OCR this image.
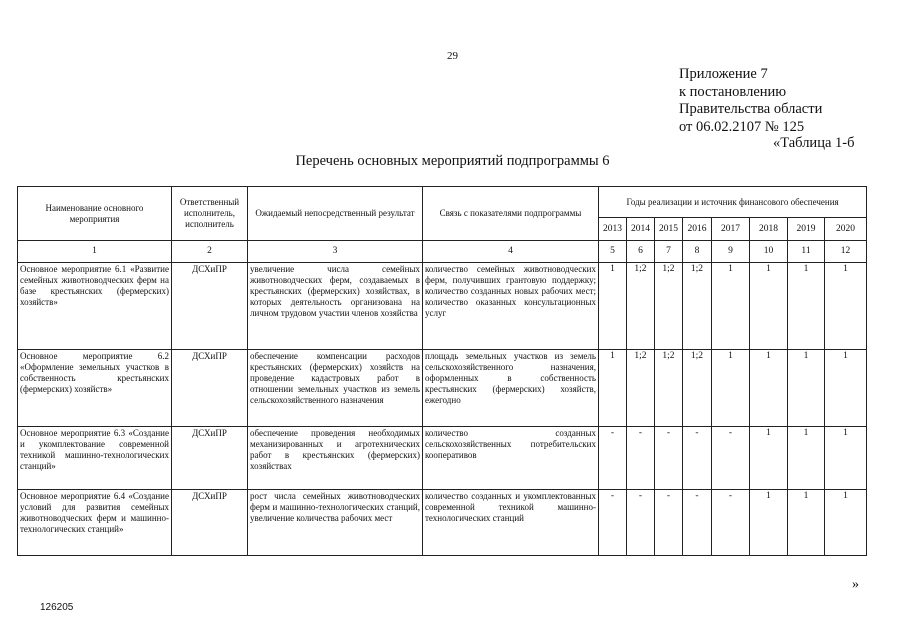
29
Приложение 7
к постановлению
Правительства области
от 06.02.2107 № 125
«Таблица 1-б
Перечень основных мероприятий подпрограммы 6
Наименование основного мероприятия	Ответственный исполнитель, исполнитель	Ожидаемый непосредственный результат	Связь с показателями подпрограммы	Годы реализации и источник финансового обеспечения							
				2013	2014	2015	2016	2017	2018	2019	2020
1	2	3	4	5	6	7	8	9	10	11	12
Основное мероприятие 6.1 «Развитие семейных животноводческих ферм на базе крестьянских (фермерских) хозяйств»	ДСХиПР	увеличение числа семейных животноводческих ферм, создаваемых в крестьянских (фермерских) хозяйствах, в которых деятельность организована на личном трудовом участии членов хозяйства	количество семейных животноводческих ферм, получивших грантовую поддержку; количество созданных новых рабочих мест; количество оказанных консультационных услуг	1	1;2	1;2	1;2	1	1	1	1
Основное мероприятие 6.2 «Оформление земельных участков в собственность крестьянских (фермерских) хозяйств»	ДСХиПР	обеспечение компенсации расходов крестьянских (фермерских) хозяйств на проведение кадастровых работ в отношении земельных участков из земель сельскохозяйственного назначения	площадь земельных участков из земель сельскохозяйственного назначения, оформленных в собственность крестьянских (фермерских) хозяйств, ежегодно	1	1;2	1;2	1;2	1	1	1	1
Основное мероприятие 6.3 «Создание и укомплектование современной техникой машинно-технологических станций»	ДСХиПР	обеспечение проведения необходимых механизированных и агротехнических работ в крестьянских (фермерских) хозяйствах	количество созданных сельскохозяйственных потребительских кооперативов	-	-	-	-	-	1	1	1
Основное мероприятие 6.4 «Создание условий для развития семейных животноводческих ферм и машинно-технологических станций»	ДСХиПР	рост числа семейных животноводческих ферм и машинно-технологических станций, увеличение количества рабочих мест	количество созданных и укомплектованных современной техникой машинно-технологических станций	-	-	-	-	-	1	1	1
»
126205
